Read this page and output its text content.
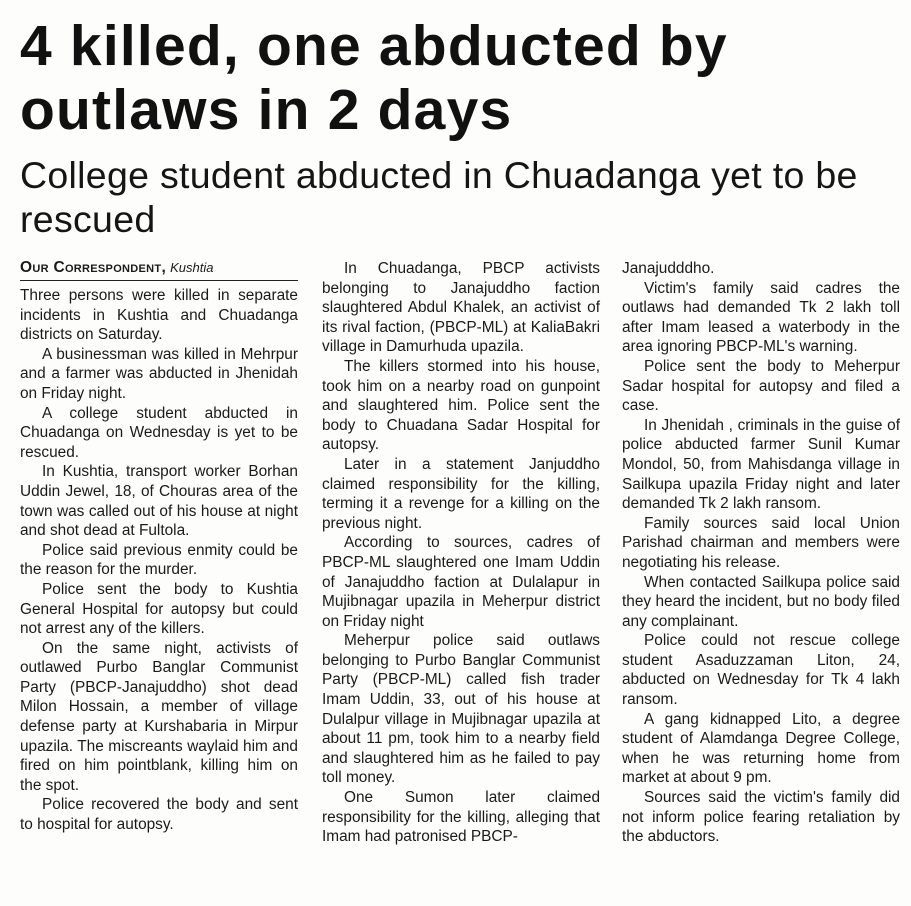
4 killed, one abducted by outlaws in 2 days
College student abducted in Chuadanga yet to be rescued
Our Correspondent, Kushtia

Three persons were killed in separate incidents in Kushtia and Chuadanga districts on Saturday.

A businessman was killed in Mehrpur and a farmer was abducted in Jhenidah on Friday night.

A college student abducted in Chuadanga on Wednesday is yet to be rescued.

In Kushtia, transport worker Borhan Uddin Jewel, 18, of Chouras area of the town was called out of his house at night and shot dead at Fultola.

Police said previous enmity could be the reason for the murder.

Police sent the body to Kushtia General Hospital for autopsy but could not arrest any of the killers.

On the same night, activists of outlawed Purbo Banglar Communist Party (PBCP-Janajuddho) shot dead Milon Hossain, a member of village defense party at Kurshabaria in Mirpur upazila. The miscreants waylaid him and fired on him pointblank, killing him on the spot.

Police recovered the body and sent to hospital for autopsy.

In Chuadanga, PBCP activists belonging to Janajuddho faction slaughtered Abdul Khalek, an activist of its rival faction, (PBCP-ML) at KaliaBakri village in Damurhuda upazila.

The killers stormed into his house, took him on a nearby road on gunpoint and slaughtered him. Police sent the body to Chuadana Sadar Hospital for autopsy.

Later in a statement Janjuddho claimed responsibility for the killing, terming it a revenge for a killing on the previous night.

According to sources, cadres of PBCP-ML slaughtered one Imam Uddin of Janajuddho faction at Dulalapur in Mujibnagar upazila in Meherpur district on Friday night

Meherpur police said outlaws belonging to Purbo Banglar Communist Party (PBCP-ML) called fish trader Imam Uddin, 33, out of his house at Dulalpur village in Mujibnagar upazila at about 11 pm, took him to a nearby field and slaughtered him as he failed to pay toll money.

One Sumon later claimed responsibility for the killing, alleging that Imam had patronised PBCP-

Janajudddho.

Victim's family said cadres the outlaws had demanded Tk 2 lakh toll after Imam leased a waterbody in the area ignoring PBCP-ML's warning.

Police sent the body to Meherpur Sadar hospital for autopsy and filed a case.

In Jhenidah , criminals in the guise of police abducted farmer Sunil Kumar Mondol, 50, from Mahisdanga village in Sailkupa upazila Friday night and later demanded Tk 2 lakh ransom.

Family sources said local Union Parishad chairman and members were negotiating his release.

When contacted Sailkupa police said they heard the incident, but no body filed any complainant.

Police could not rescue college student Asaduzzaman Liton, 24, abducted on Wednesday for Tk 4 lakh ransom.

A gang kidnapped Lito, a degree student of Alamdanga Degree College, when he was returning home from market at about 9 pm.

Sources said the victim's family did not inform police fearing retaliation by the abductors.
